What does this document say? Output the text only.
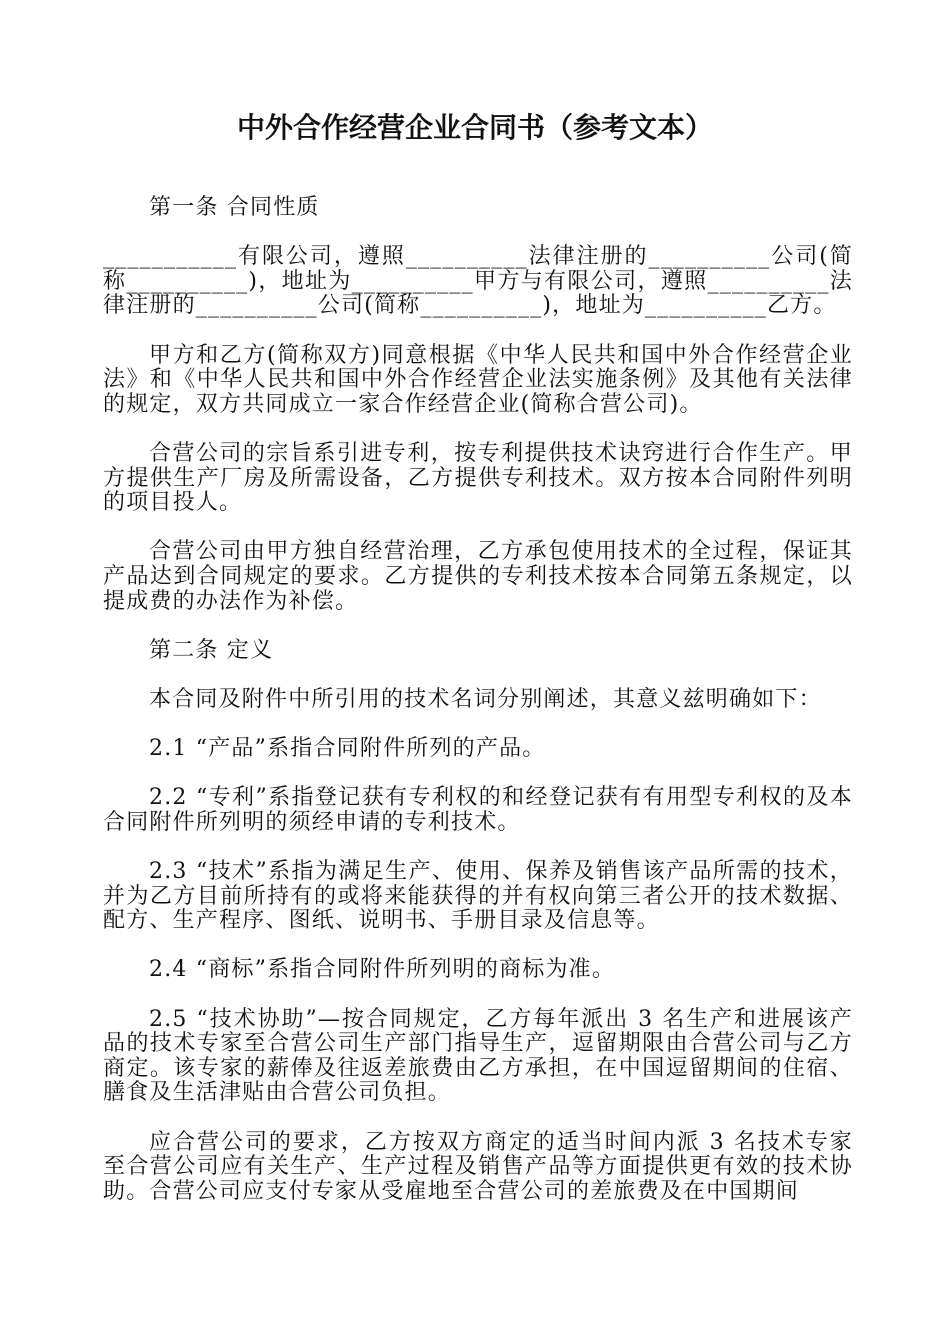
中外合作经营企业合同书（参考文本）

第一条 合同性质

___________有限公司，遵照__________法律注册的__________公司(简称__________)，地址为__________甲方与有限公司，遵照__________法律注册的__________公司(简称__________)，地址为__________乙方。

甲方和乙方(简称双方)同意根据《中华人民共和国中外合作经营企业法》和《中华人民共和国中外合作经营企业法实施条例》及其他有关法律的规定，双方共同成立一家合作经营企业(简称合营公司)。

合营公司的宗旨系引进专利，按专利提供技术诀窍进行合作生产。甲方提供生产厂房及所需设备，乙方提供专利技术。双方按本合同附件列明的项目投人。

合营公司由甲方独自经营治理，乙方承包使用技术的全过程，保证其产品达到合同规定的要求。乙方提供的专利技术按本合同第五条规定，以提成费的办法作为补偿。

第二条 定义

本合同及附件中所引用的技术名词分别阐述，其意义兹明确如下：

2.1 “产品”系指合同附件所列的产品。

2.2 “专利”系指登记获有专利权的和经登记获有有用型专利权的及本合同附件所列明的须经申请的专利技术。

2.3 “技术”系指为满足生产、使用、保养及销售该产品所需的技术，并为乙方目前所持有的或将来能获得的并有权向第三者公开的技术数据、配方、生产程序、图纸、说明书、手册目录及信息等。

2.4 “商标”系指合同附件所列明的商标为准。

2.5 “技术协助”—按合同规定，乙方每年派出 3 名生产和进展该产品的技术专家至合营公司生产部门指导生产，逗留期限由合营公司与乙方商定。该专家的薪俸及往返差旅费由乙方承担，在中国逗留期间的住宿、膳食及生活津贴由合营公司负担。

应合营公司的要求，乙方按双方商定的适当时间内派 3 名技术专家至合营公司应有关生产、生产过程及销售产品等方面提供更有效的技术协助。合营公司应支付专家从受雇地至合营公司的差旅费及在中国期间
